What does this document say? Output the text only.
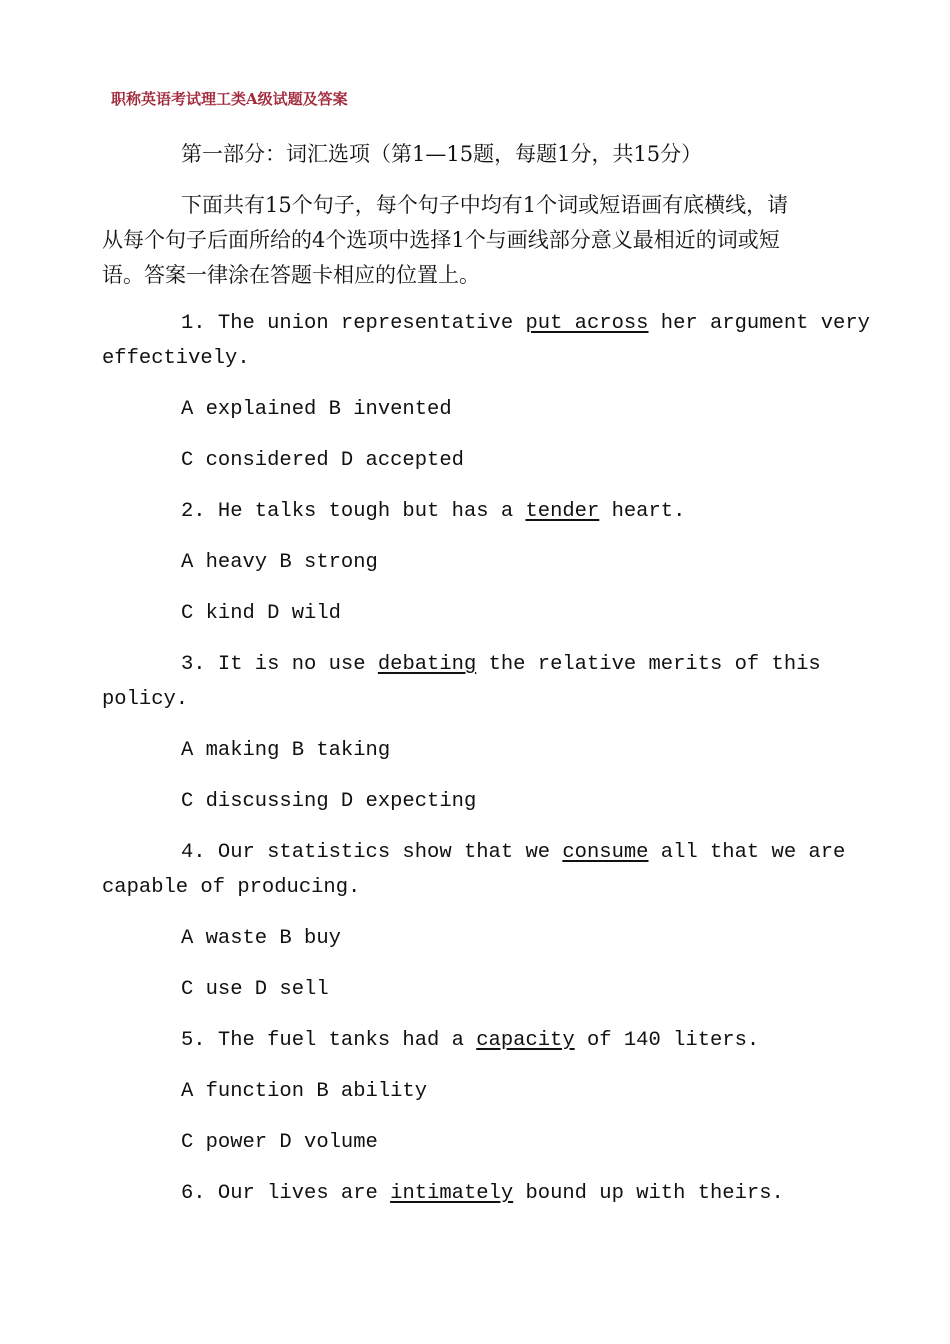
职称英语考试理工类A级试题及答案
第一部分：词汇选项（第1—15题，每题1分，共15分）
下面共有15个句子，每个句子中均有1个词或短语画有底横线，请
从每个句子后面所给的4个选项中选择1个与画线部分意义最相近的词或短
语。答案一律涂在答题卡相应的位置上。
1. The union representative put across her argument very
effectively.
A explained B invented
C considered D accepted
2. He talks tough but has a tender heart.
A heavy B strong
C kind D wild
3. It is no use debating the relative merits of this
policy.
A making B taking
C discussing D expecting
4. Our statistics show that we consume all that we are
capable of producing.
A waste B buy
C use D sell
5. The fuel tanks had a capacity of 140 liters.
A function B ability
C power D volume
6. Our lives are intimately bound up with theirs.
